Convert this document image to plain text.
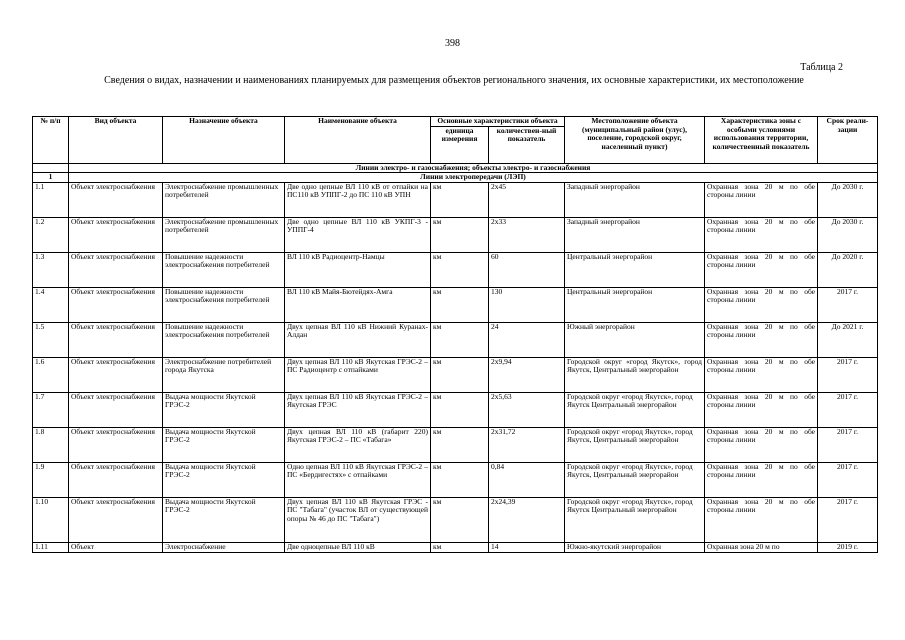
398
Таблица 2
Сведения о видах, назначении и наименованиях планируемых для размещения объектов регионального значения, их основные характеристики, их местоположение
№ п/п	Вид объекта	Назначение объекта	Наименование объекта	Основные характеристики объекта		Местоположение объекта (муниципальный район (улус), поселение, городской округ, населенный пункт)	Характеристика зоны с особыми условиями использования территории, количественный показатель	Срок реали-зации
				единица измерения	количествен-ный показатель			
	Линии электро- и газоснабжения; объекты электро- и газоснабжения							
1	Линии электропередачи (ЛЭП)							
1.1	Объект электроснабжения	Электроснабжение промышленных потребителей	Две одно цепные ВЛ 110 кВ от отпайки на ПС110 кВ УППГ-2 до ПС 110 кВ УПН	км	2х45	Западный энергорайон	Охранная зона 20 м по обе стороны линии	До 2030 г.
1.2	Объект электроснабжения	Электроснабжение промышленных потребителей	Две одно цепные ВЛ 110 кВ УКПГ-3 - УППГ-4	км	2х33	Западный энергорайон	Охранная зона 20 м по обе стороны линии	До 2030 г.
1.3	Объект электроснабжения	Повышение надежности электроснабжения потребителей	ВЛ 110 кВ Радиоцентр-Намцы	км	60	Центральный энергорайон	Охранная зона 20 м по обе стороны линии	До 2020 г.
1.4	Объект электроснабжения	Повышение надежности электроснабжения потребителей	ВЛ 110 кВ Майя-Бютейдях-Амга	км	130	Центральный энергорайон	Охранная зона 20 м по обе стороны линии	2017 г.
1.5	Объект электроснабжения	Повышение надежности электроснабжения потребителей	Двух цепная ВЛ 110 кВ Нижний Куранах-Алдан	км	24	Южный энергорайон	Охранная зона 20 м по обе стороны линии	До 2021 г.
1.6	Объект электроснабжения	Электроснабжение потребителей города Якутска	Двух цепная ВЛ 110 кВ Якутская ГРЭС-2 – ПС Радиоцентр с отпайками	км	2х9,94	Городской округ «город Якутск», город Якутск, Центральный энергорайон	Охранная зона 20 м по обе стороны линии	2017 г.
1.7	Объект электроснабжения	Выдача мощности Якутской ГРЭС-2	Двух цепная ВЛ 110 кВ Якутская ГРЭС-2 – Якутская ГРЭС	км	2х5,63	Городской округ «город Якутск», город Якутск Центральный энергорайон	Охранная зона 20 м по обе стороны линии	2017 г.
1.8	Объект электроснабжения	Выдача мощности Якутской ГРЭС-2	Двух цепная ВЛ 110 кВ (габарит 220) Якутская ГРЭС-2 – ПС «Табага»	км	2х31,72	Городской округ «город Якутск», город Якутск, Центральный энергорайон	Охранная зона 20 м по обе стороны линии	2017 г.
1.9	Объект электроснабжения	Выдача мощности Якутской ГРЭС-2	Одно цепная ВЛ 110 кВ Якутская ГРЭС-2 – ПС «Бердигестях» с отпайками	км	0,84	Городской округ «город Якутск», город Якутск, Центральный энергорайон	Охранная зона 20 м по обе стороны линии	2017 г.
1.10	Объект электроснабжения	Выдача мощности Якутской ГРЭС-2	Двух цепная ВЛ 110 кВ Якутская ГРЭС - ПС "Табага" (участок ВЛ от существующей опоры № 46 до ПС "Табага")	км	2х24,39	Городской округ «город Якутск», город Якутск Центральный энергорайон	Охранная зона 20 м по обе стороны линии	2017 г.
1.11	Объект	Электроснабжение	Две одноцепные ВЛ 110 кВ	км	14	Южно-якутский энергорайон	Охранная зона 20 м по	2019 г.
